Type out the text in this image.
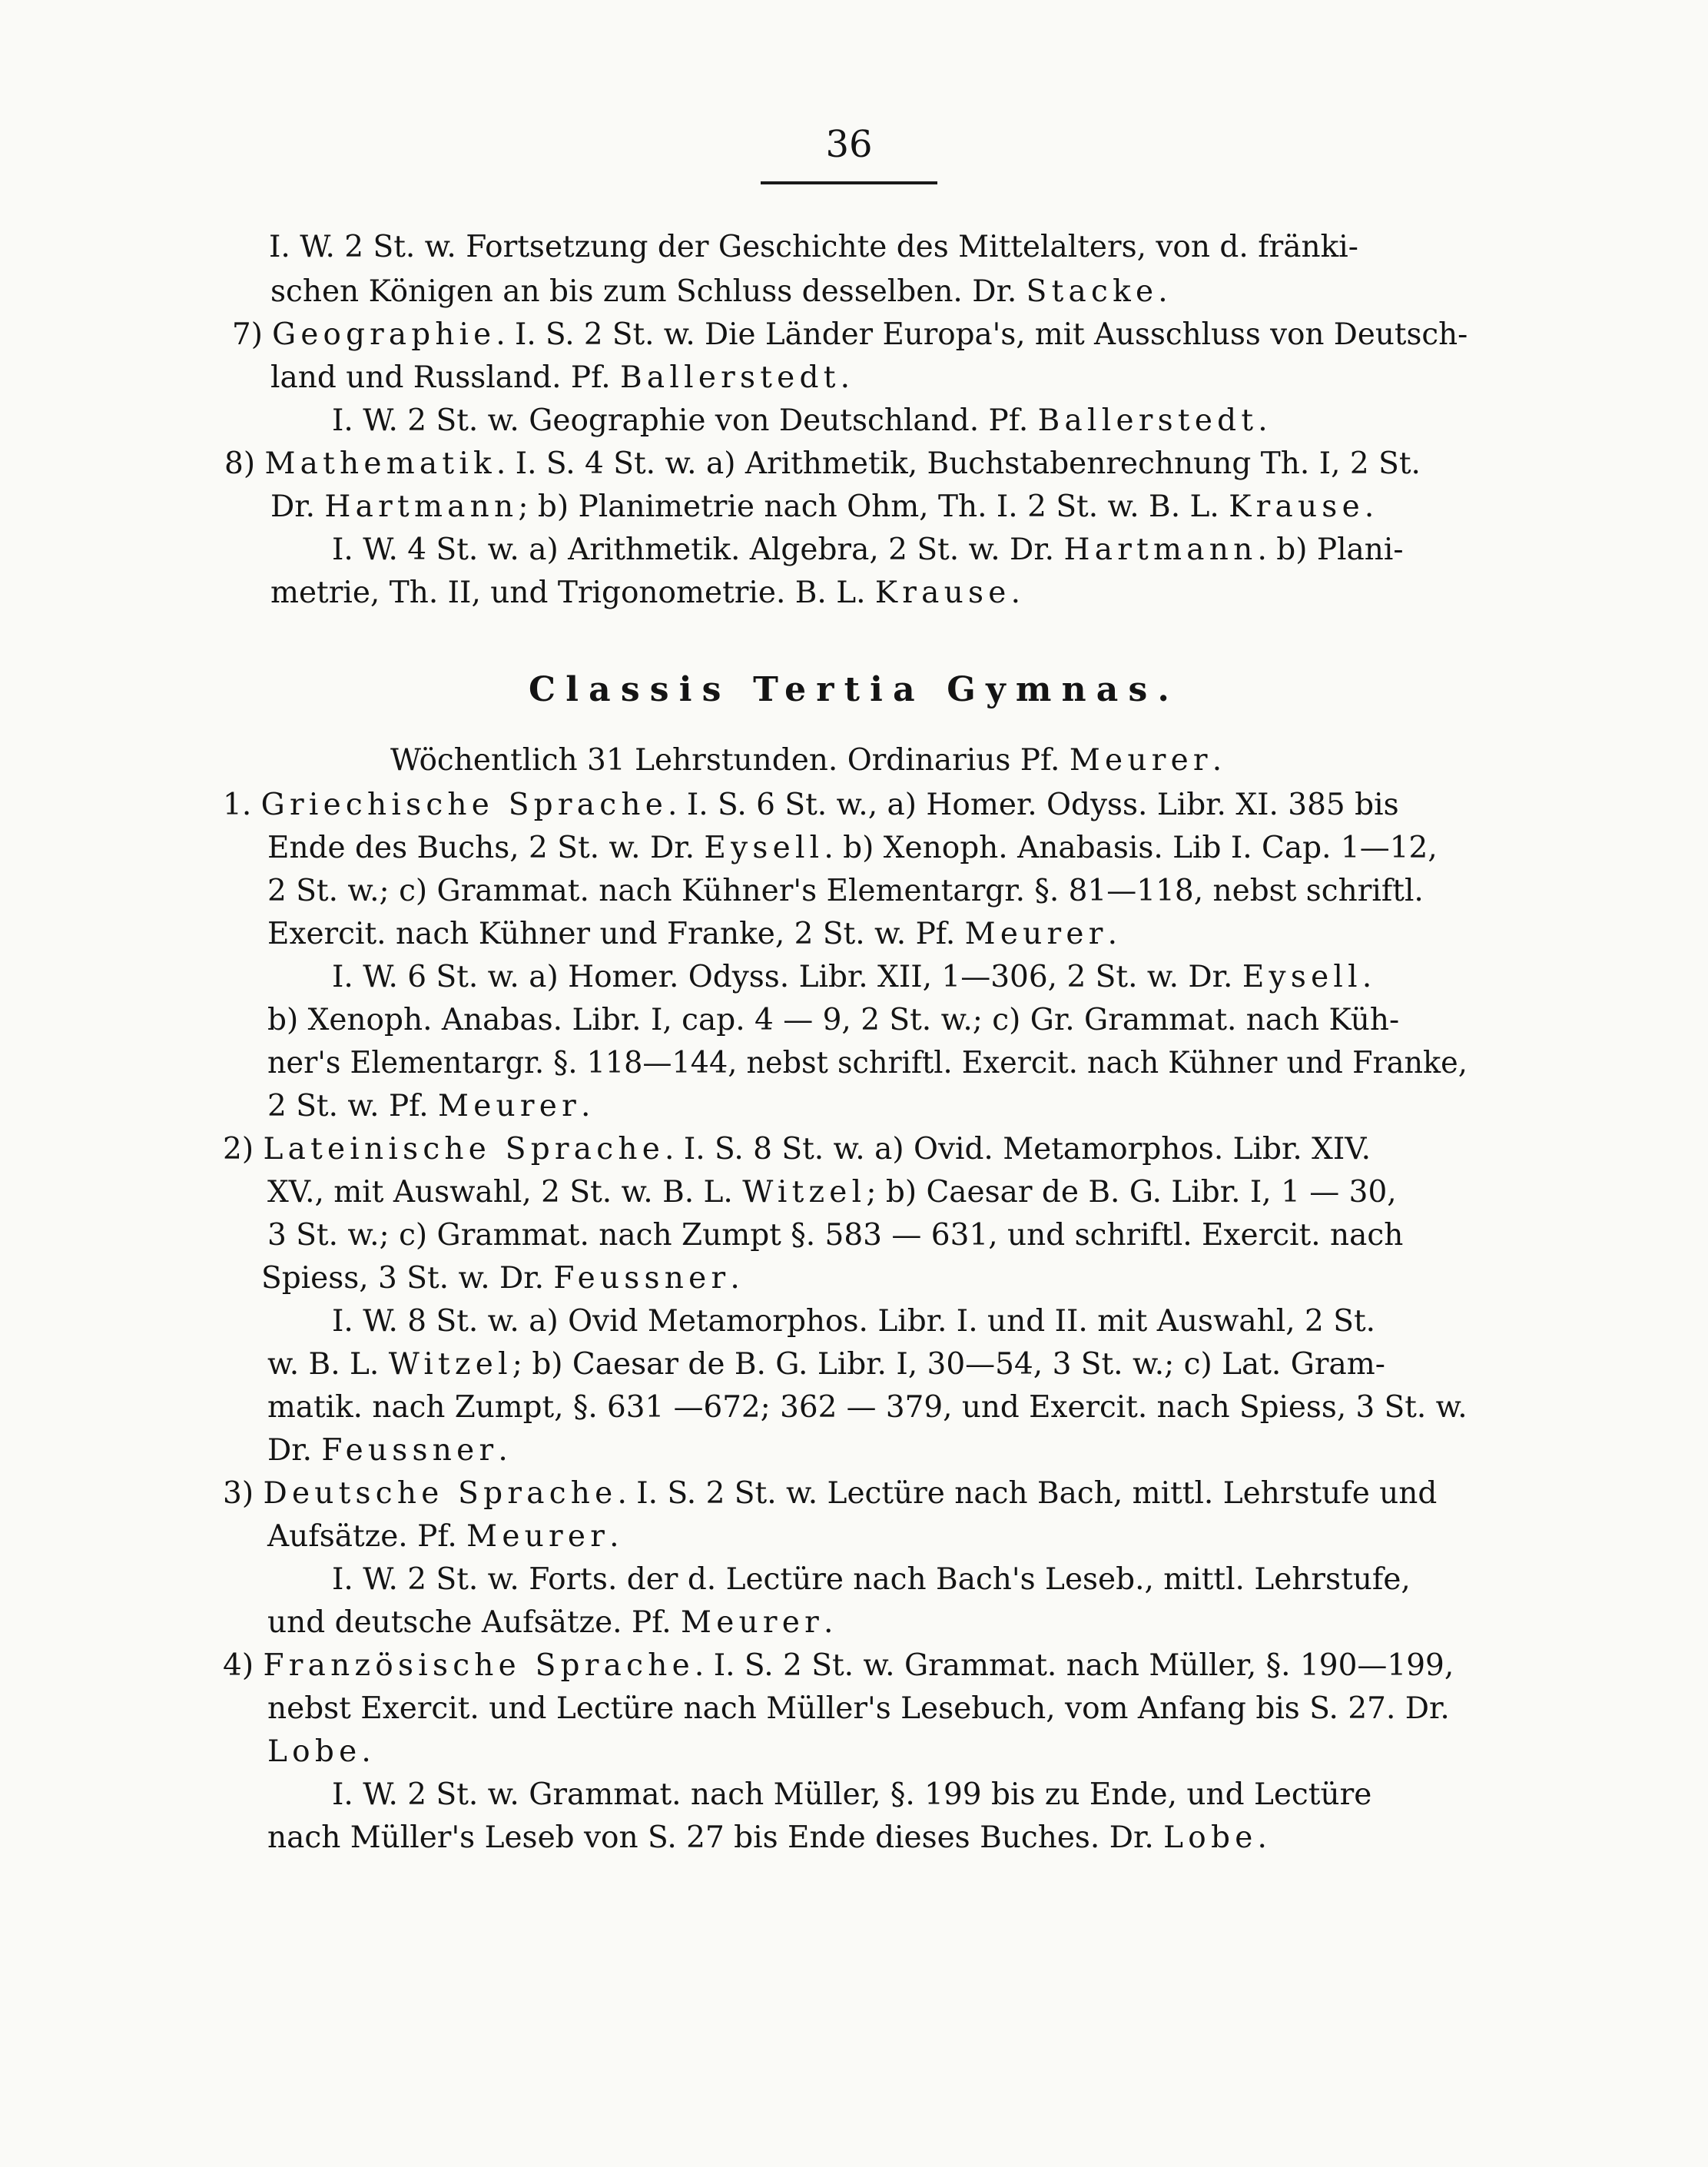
36
Classis Tertia Gymnas.
I. W. 2 St. w. Fortsetzung der Geschichte des Mittelalters, von d. fränki-
schen Königen an bis zum Schluss desselben. Dr. Stacke.
7) Geographie. I. S. 2 St. w. Die Länder Europa's, mit Ausschluss von Deutsch-
land und Russland. Pf. Ballerstedt.
I. W. 2 St. w. Geographie von Deutschland. Pf. Ballerstedt.
8) Mathematik. I. S. 4 St. w. a) Arithmetik, Buchstabenrechnung Th. I, 2 St.
Dr. Hartmann; b) Planimetrie nach Ohm, Th. I. 2 St. w. B. L. Krause.
I. W. 4 St. w. a) Arithmetik. Algebra, 2 St. w. Dr. Hartmann. b) Plani-
metrie, Th. II, und Trigonometrie. B. L. Krause.
Wöchentlich 31 Lehrstunden. Ordinarius Pf. Meurer.
1. Griechische Sprache. I. S. 6 St. w., a) Homer. Odyss. Libr. XI. 385 bis
Ende des Buchs, 2 St. w. Dr. Eysell. b) Xenoph. Anabasis. Lib I. Cap. 1—12,
2 St. w.; c) Grammat. nach Kühner's Elementargr. §. 81—118, nebst schriftl.
Exercit. nach Kühner und Franke, 2 St. w. Pf. Meurer.
I. W. 6 St. w. a) Homer. Odyss. Libr. XII, 1—306, 2 St. w. Dr. Eysell.
b) Xenoph. Anabas. Libr. I, cap. 4 — 9, 2 St. w.; c) Gr. Grammat. nach Küh-
ner's Elementargr. §. 118—144, nebst schriftl. Exercit. nach Kühner und Franke,
2 St. w. Pf. Meurer.
2) Lateinische Sprache. I. S. 8 St. w. a) Ovid. Metamorphos. Libr. XIV.
XV., mit Auswahl, 2 St. w. B. L. Witzel; b) Caesar de B. G. Libr. I, 1 — 30,
3 St. w.; c) Grammat. nach Zumpt §. 583 — 631, und schriftl. Exercit. nach
Spiess, 3 St. w. Dr. Feussner.
I. W. 8 St. w. a) Ovid Metamorphos. Libr. I. und II. mit Auswahl, 2 St.
w. B. L. Witzel; b) Caesar de B. G. Libr. I, 30—54, 3 St. w.; c) Lat. Gram-
matik. nach Zumpt, §. 631 —672; 362 — 379, und Exercit. nach Spiess, 3 St. w.
Dr. Feussner.
3) Deutsche Sprache. I. S. 2 St. w. Lectüre nach Bach, mittl. Lehrstufe und
Aufsätze. Pf. Meurer.
I. W. 2 St. w. Forts. der d. Lectüre nach Bach's Leseb., mittl. Lehrstufe,
und deutsche Aufsätze. Pf. Meurer.
4) Französische Sprache. I. S. 2 St. w. Grammat. nach Müller, §. 190—199,
nebst Exercit. und Lectüre nach Müller's Lesebuch, vom Anfang bis S. 27. Dr.
Lobe.
I. W. 2 St. w. Grammat. nach Müller, §. 199 bis zu Ende, und Lectüre
nach Müller's Leseb von S. 27 bis Ende dieses Buches. Dr. Lobe.
